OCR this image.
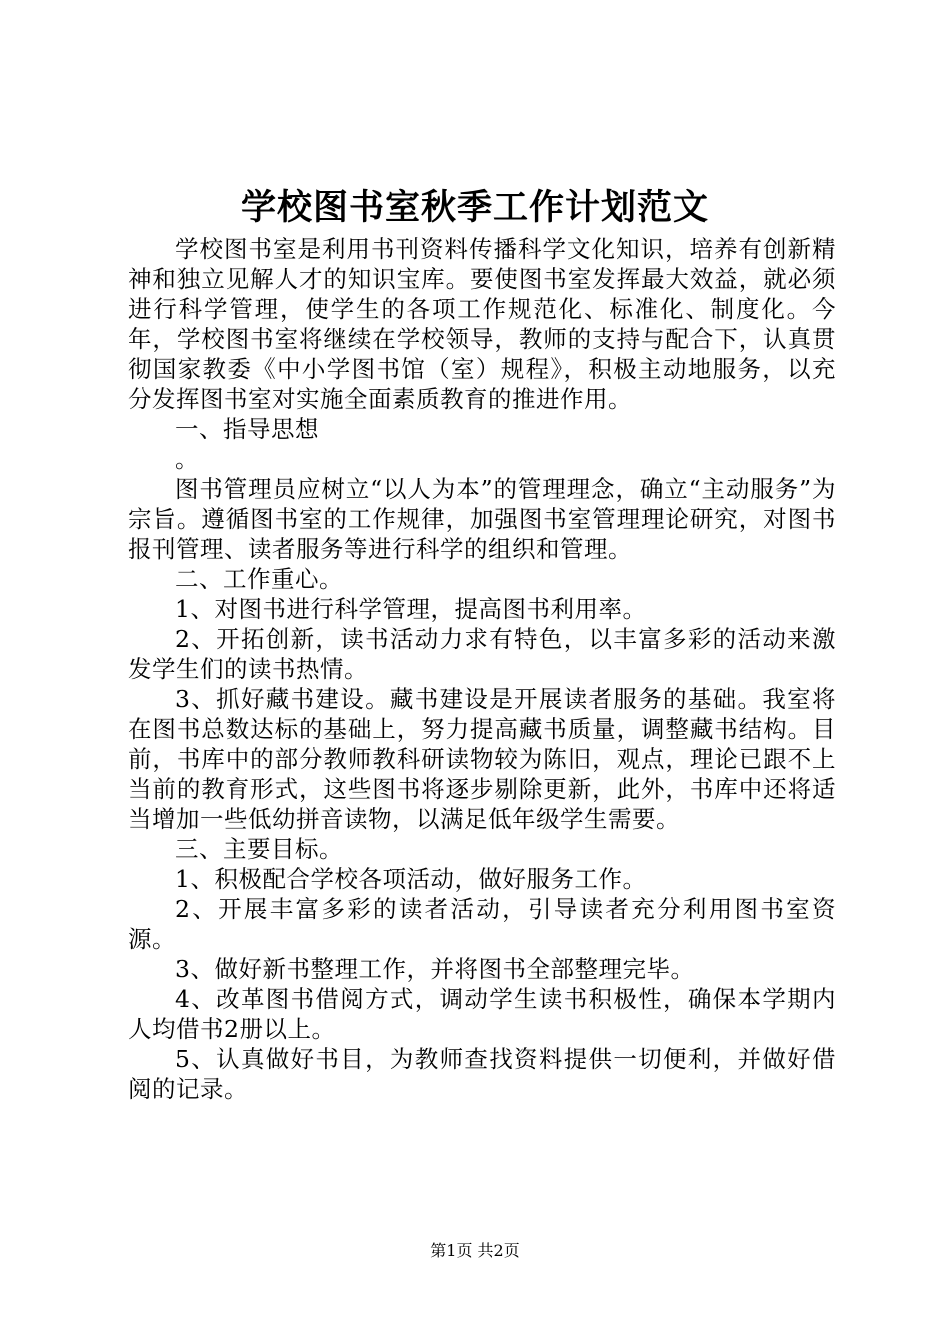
学校图书室秋季工作计划范文

学校图书室是利用书刊资料传播科学文化知识，培养有创新精神和独立见解人才的知识宝库。要使图书室发挥最大效益，就必须进行科学管理，使学生的各项工作规范化、标准化、制度化。今年，学校图书室将继续在学校领导，教师的支持与配合下，认真贯彻国家教委《中小学图书馆（室）规程》，积极主动地服务，以充分发挥图书室对实施全面素质教育的推进作用。

一、指导思想

。

图书管理员应树立“以人为本”的管理理念，确立“主动服务”为宗旨。遵循图书室的工作规律，加强图书室管理理论研究，对图书报刊管理、读者服务等进行科学的组织和管理。

二、工作重心。

1、对图书进行科学管理，提高图书利用率。

2、开拓创新，读书活动力求有特色，以丰富多彩的活动来激发学生们的读书热情。

3、抓好藏书建设。藏书建设是开展读者服务的基础。我室将在图书总数达标的基础上，努力提高藏书质量，调整藏书结构。目前，书库中的部分教师教科研读物较为陈旧，观点，理论已跟不上当前的教育形式，这些图书将逐步剔除更新，此外，书库中还将适当增加一些低幼拼音读物，以满足低年级学生需要。

三、主要目标。

1、积极配合学校各项活动，做好服务工作。

2、开展丰富多彩的读者活动，引导读者充分利用图书室资源。

3、做好新书整理工作，并将图书全部整理完毕。

4、改革图书借阅方式，调动学生读书积极性，确保本学期内人均借书2册以上。

5、认真做好书目，为教师查找资料提供一切便利，并做好借阅的记录。

第1页 共2页
